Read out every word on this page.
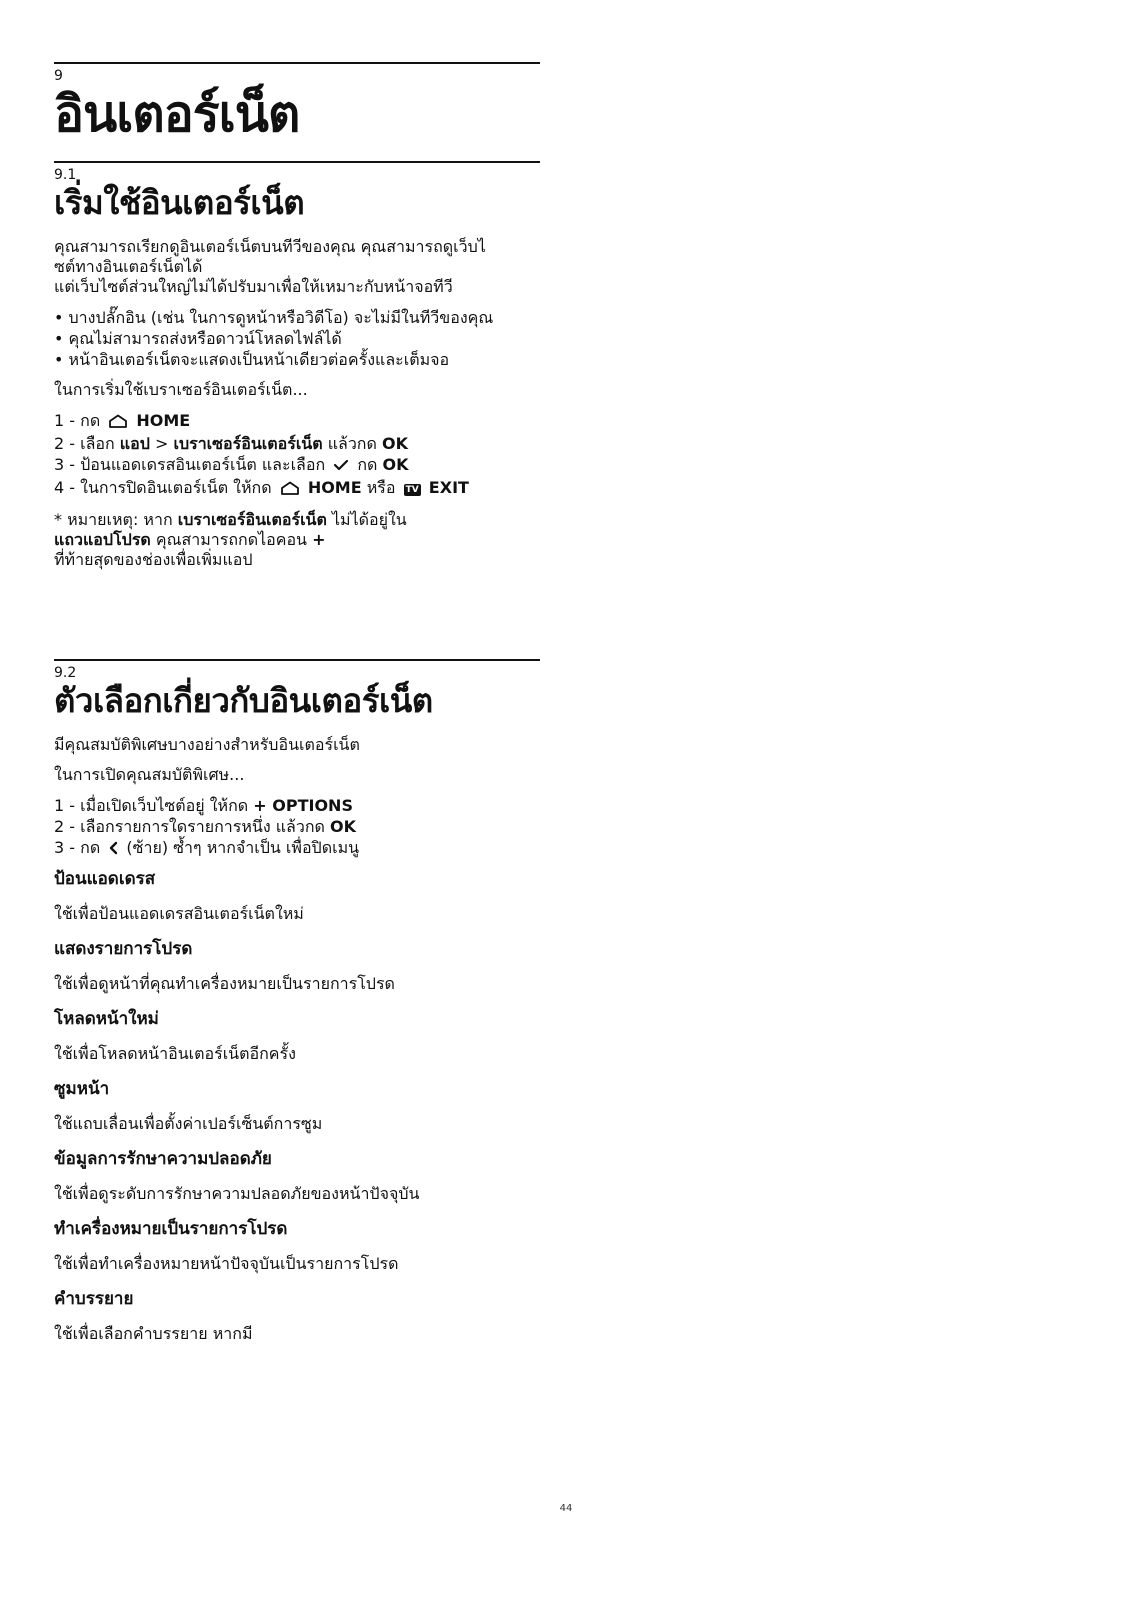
9
อินเตอร์เน็ต
9.1
เริ่มใช้อินเตอร์เน็ต

คุณสามารถเรียกดูอินเตอร์เน็ตบนทีวีของคุณ คุณสามารถดูเว็บไ

ซต์ทางอินเตอร์เน็ตได้

แต่เว็บไซต์ส่วนใหญ่ไม่ได้ปรับมาเพื่อให้เหมาะกับหน้าจอทีวี

• บางปลั๊กอิน (เช่น ในการดูหน้าหรือวิดีโอ) จะไม่มีในทีวีของคุณ

• คุณไม่สามารถส่งหรือดาวน์โหลดไฟล์ได้

• หน้าอินเตอร์เน็ตจะแสดงเป็นหน้าเดียวต่อครั้งและเต็มจอ

ในการเริ่มใช้เบราเซอร์อินเตอร์เน็ต...

1 - กด HOME

2 - เลือก แอป > เบราเซอร์อินเตอร์เน็ต แล้วกด OK

3 - ป้อนแอดเดรสอินเตอร์เน็ต และเลือก กด OK

4 - ในการปิดอินเตอร์เน็ต ให้กด HOME หรือ TV EXIT

* หมายเหตุ: หาก เบราเซอร์อินเตอร์เน็ต ไม่ได้อยู่ใน

แถวแอปโปรด คุณสามารถกดไอคอน +

ที่ท้ายสุดของช่องเพื่อเพิ่มแอป

9.2
ตัวเลือกเกี่ยวกับอินเตอร์เน็ต

มีคุณสมบัติพิเศษบางอย่างสำหรับอินเตอร์เน็ต

ในการเปิดคุณสมบัติพิเศษ...

1 - เมื่อเปิดเว็บไซต์อยู่ ให้กด + OPTIONS

2 - เลือกรายการใดรายการหนึ่ง แล้วกด OK

3 - กด (ซ้าย) ซ้ำๆ หากจำเป็น เพื่อปิดเมนู

ป้อนแอดเดรส
ใช้เพื่อป้อนแอดเดรสอินเตอร์เน็ตใหม่
แสดงรายการโปรด
ใช้เพื่อดูหน้าที่คุณทำเครื่องหมายเป็นรายการโปรด
โหลดหน้าใหม่
ใช้เพื่อโหลดหน้าอินเตอร์เน็ตอีกครั้ง
ซูมหน้า
ใช้แถบเลื่อนเพื่อตั้งค่าเปอร์เซ็นต์การซูม
ข้อมูลการรักษาความปลอดภัย
ใช้เพื่อดูระดับการรักษาความปลอดภัยของหน้าปัจจุบัน
ทำเครื่องหมายเป็นรายการโปรด
ใช้เพื่อทำเครื่องหมายหน้าปัจจุบันเป็นรายการโปรด
คำบรรยาย
ใช้เพื่อเลือกคำบรรยาย หากมี
44
